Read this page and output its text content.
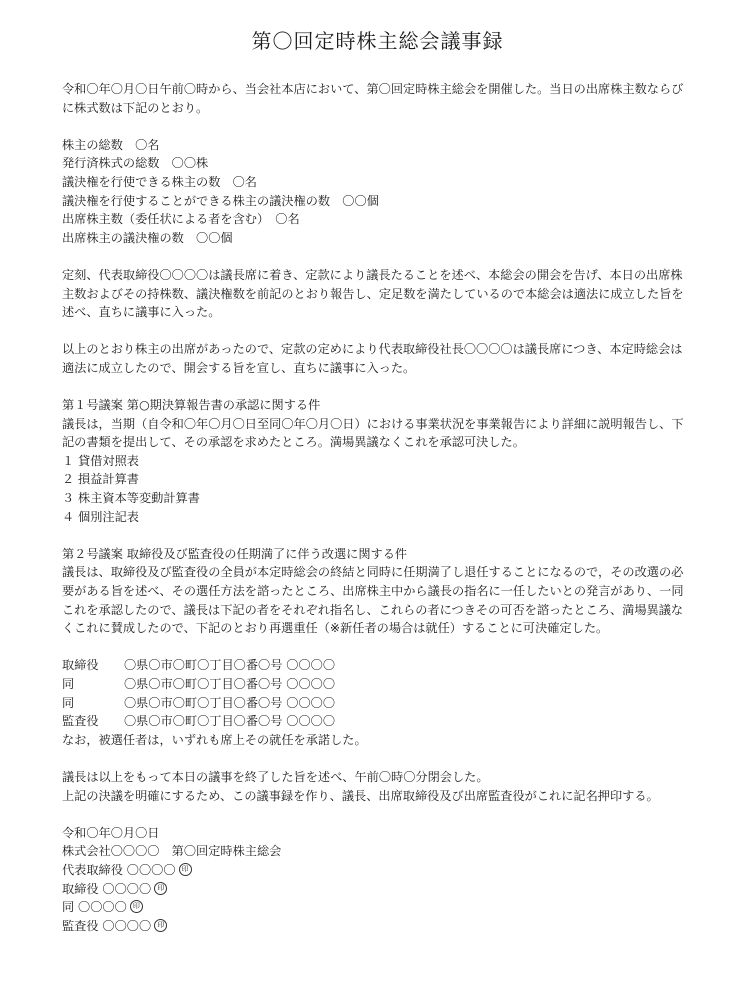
第〇回定時株主総会議事録

令和〇年〇月〇日午前〇時から、当会社本店において、第〇回定時株主総会を開催した。当日の出席株主数ならびに株式数は下記のとおり。

株主の総数　〇名
発行済株式の総数　〇〇株
議決権を行使できる株主の数　〇名
議決権を行使することができる株主の議決権の数　〇〇個
出席株主数（委任状による者を含む）　〇名
出席株主の議決権の数　〇〇個

定刻、代表取締役〇〇〇〇は議長席に着き、定款により議長たることを述べ、本総会の開会を告げ、本日の出席株主数およびその持株数、議決権数を前記のとおり報告し、定足数を満たしているので本総会は適法に成立した旨を述べ、直ちに議事に入った。

以上のとおり株主の出席があったので、定款の定めにより代表取締役社長〇〇〇〇は議長席につき、本定時総会は適法に成立したので、開会する旨を宣し、直ちに議事に入った。

第１号議案 第○期決算報告書の承認に関する件

議長は，当期（自令和〇年〇月〇日至同〇年〇月〇日）における事業状況を事業報告により詳細に説明報告し、下記の書類を提出して、その承認を求めたところ。満場異議なくこれを承認可決した。

１ 貸借対照表
２ 損益計算書
３ 株主資本等変動計算書
４ 個別注記表
第２号議案 取締役及び監査役の任期満了に伴う改選に関する件

議長は、取締役及び監査役の全員が本定時総会の終結と同時に任期満了し退任することになるので，その改選の必要がある旨を述べ、その選任方法を諮ったところ、出席株主中から議長の指名に一任したいとの発言があり、一同これを承認したので、議長は下記の者をそれぞれ指名し、これらの者につきその可否を諮ったところ、満場異議なくこれに賛成したので、下記のとおり再選重任（※新任者の場合は就任）することに可決確定した。

取締役	〇県〇市〇町〇丁目〇番〇号 〇〇〇〇
同	〇県〇市〇町〇丁目〇番〇号 〇〇〇〇
同	〇県〇市〇町〇丁目〇番〇号 〇〇〇〇
監査役	〇県〇市〇町〇丁目〇番〇号 〇〇〇〇
なお，被選任者は，いずれも席上その就任を承諾した。
議長は以上をもって本日の議事を終了した旨を述べ、午前〇時〇分閉会した。

上記の決議を明確にするため、この議事録を作り、議長、出席取締役及び出席監査役がこれに記名押印する。

令和〇年〇月〇日
株式会社〇〇〇〇　第〇回定時株主総会
代表取締役 〇〇〇〇 印
取締役 〇〇〇〇 印
同 〇〇〇〇 印
監査役 〇〇〇〇 印
